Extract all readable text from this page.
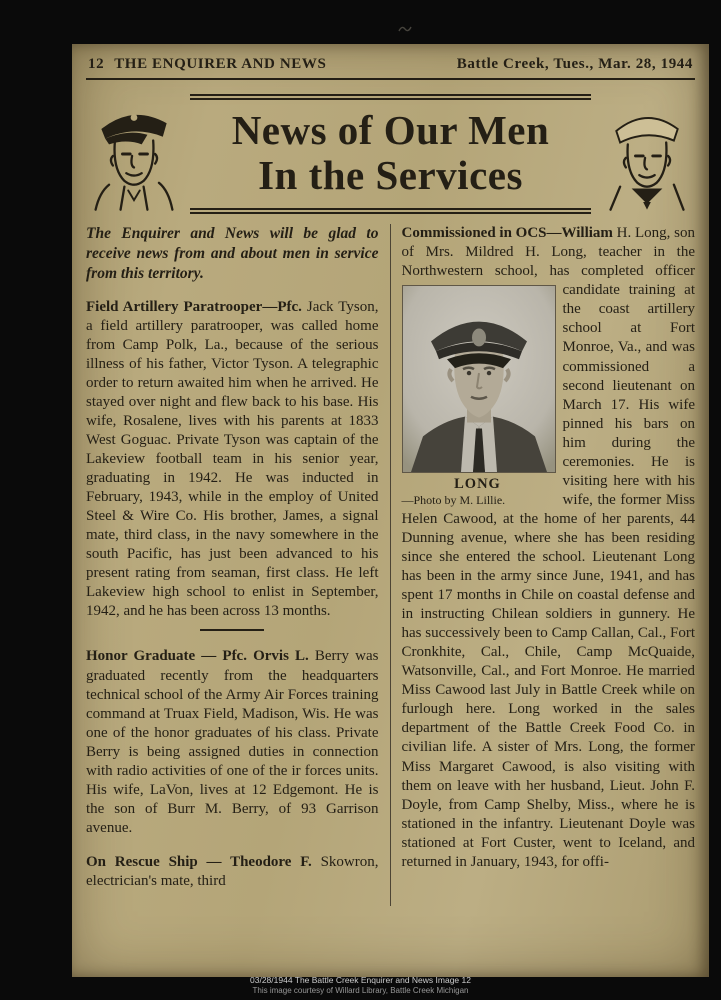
12 THE ENQUIRER AND NEWS	Battle Creek, Tues., Mar. 28, 1944
News of Our Men
In the Services

The Enquirer and News will be glad to receive news from and about men in service from this territory.

Field Artillery Paratrooper—Pfc. Jack Tyson, a field artillery paratrooper, was called home from Camp Polk, La., because of the serious illness of his father, Victor Tyson. A telegraphic order to return awaited him when he arrived. He stayed over night and flew back to his base. His wife, Rosalene, lives with his parents at 1833 West Goguac. Private Tyson was captain of the Lakeview football team in his senior year, graduating in 1942. He was inducted in February, 1943, while in the employ of United Steel & Wire Co. His brother, James, a signal mate, third class, in the navy somewhere in the south Pacific, has just been advanced to his present rating from seaman, first class. He left Lakeview high school to enlist in September, 1942, and he has been across 13 months.

Honor Graduate — Pfc. Orvis L. Berry was graduated recently from the headquarters technical school of the Army Air Forces training command at Truax Field, Madison, Wis. He was one of the honor graduates of his class. Private Berry is being assigned duties in connection with radio activities of one of the ir forces units. His wife, LaVon, lives at 12 Edgemont. He is the son of Burr M. Berry, of 93 Garrison avenue.

On Rescue Ship — Theodore F. Skowron, electrician's mate, third

Commissioned in OCS—William H. Long, son of Mrs. Mildred H. Long, teacher in the Northwestern school, has completed officer
LONG
—Photo by M. Lillie.
candidate training at the coast artillery school at Fort Monroe, Va., and was commissioned a second lieutenant on March 17. His wife pinned his bars on him during the ceremonies. He is visiting here with his wife, the former Miss Helen Cawood, at the home of her parents, 44 Dunning avenue, where she has been residing since she entered the school. Lieutenant Long has been in the army since June, 1941, and has spent 17 months in Chile on coastal defense and in instructing Chilean soldiers in gunnery. He has successively been to Camp Callan, Cal., Fort Cronkhite, Cal., Chile, Camp McQuaide, Watsonville, Cal., and Fort Monroe. He married Miss Cawood last July in Battle Creek while on furlough here. Long worked in the sales department of the Battle Creek Food Co. in civilian life. A sister of Mrs. Long, the former Miss Margaret Cawood, is also visiting with them on leave with her husband, Lieut. John F. Doyle, from Camp Shelby, Miss., where he is stationed in the infantry. Lieutenant Doyle was stationed at Fort Custer, went to Iceland, and returned in January, 1943, for offi-

03/28/1944 The Battle Creek Enquirer and News Image 12
This image courtesy of Willard Library, Battle Creek Michigan
